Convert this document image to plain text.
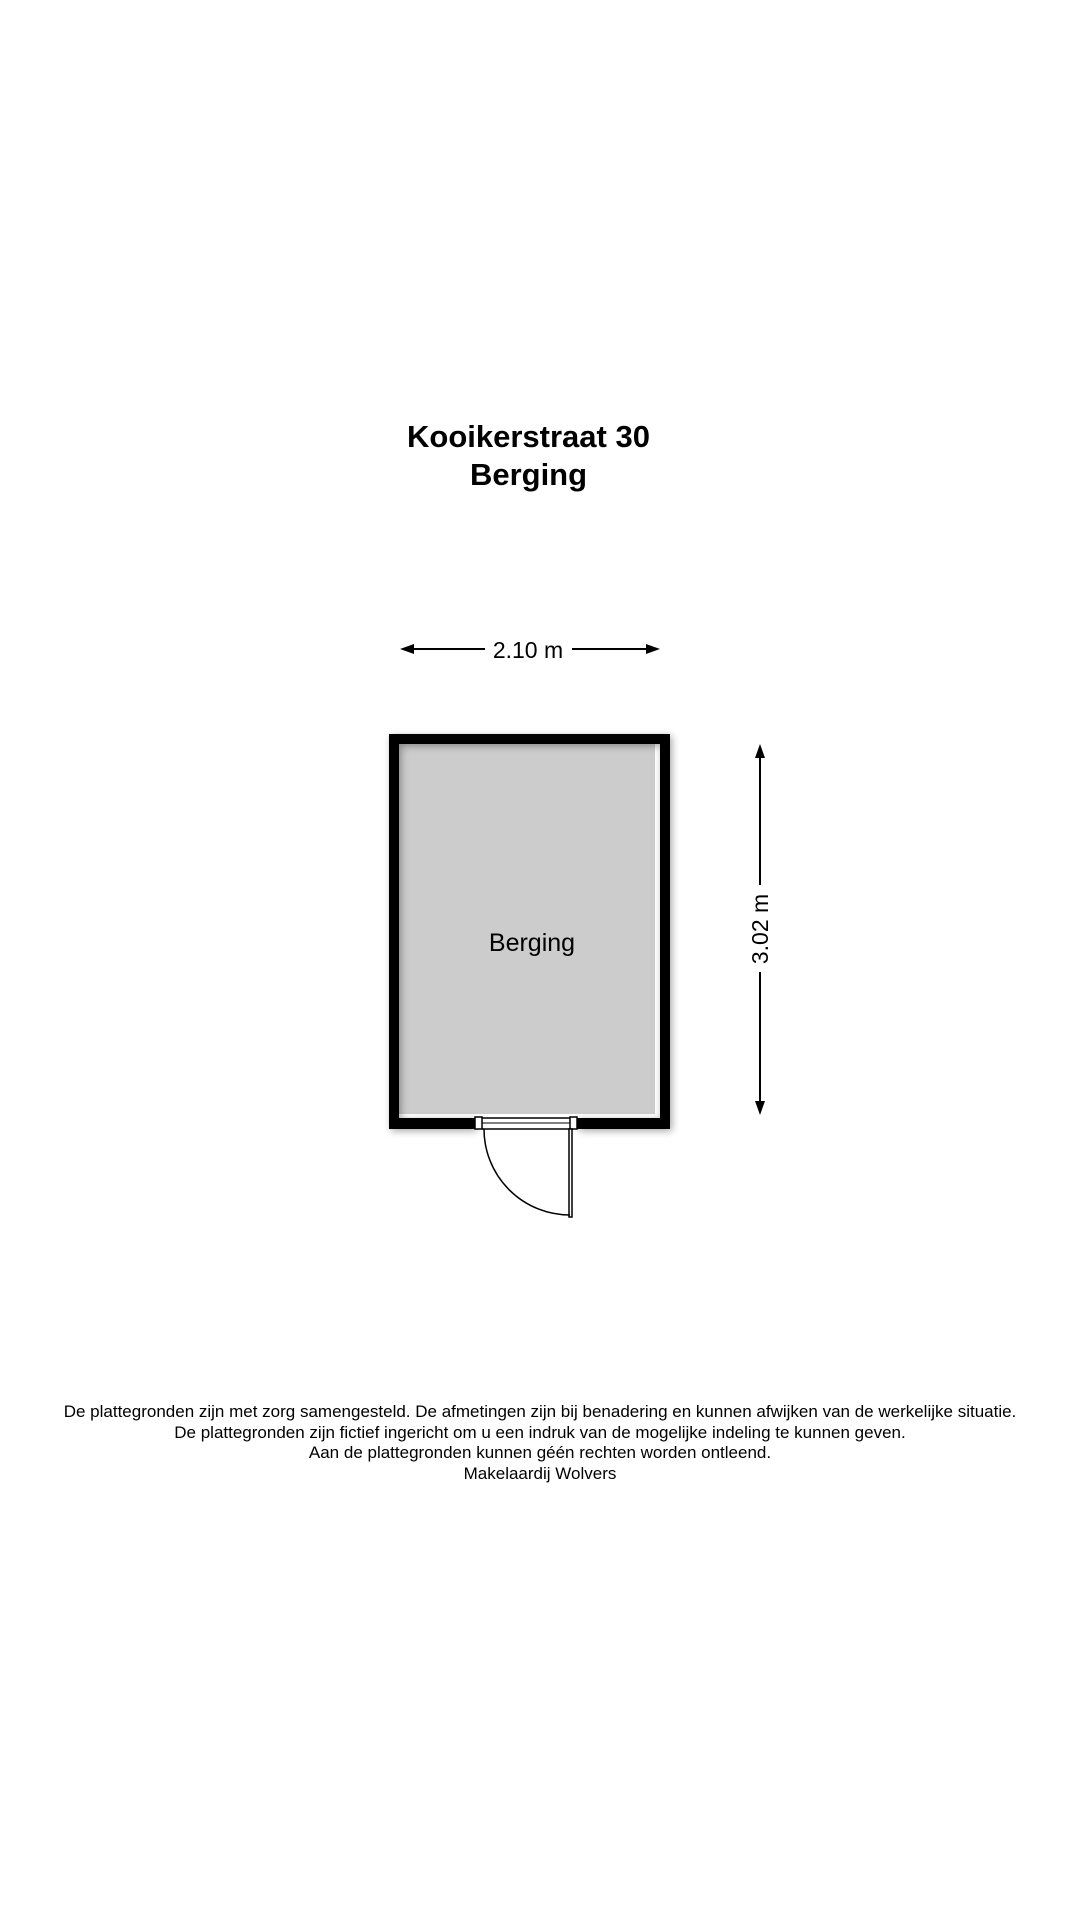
Kooikerstraat 30
Berging
2.10 m
3.02 m
Berging
De plattegronden zijn met zorg samengesteld. De afmetingen zijn bij benadering en kunnen afwijken van de werkelijke situatie.
De plattegronden zijn fictief ingericht om u een indruk van de mogelijke indeling te kunnen geven.
Aan de plattegronden kunnen géén rechten worden ontleend.
Makelaardij Wolvers
